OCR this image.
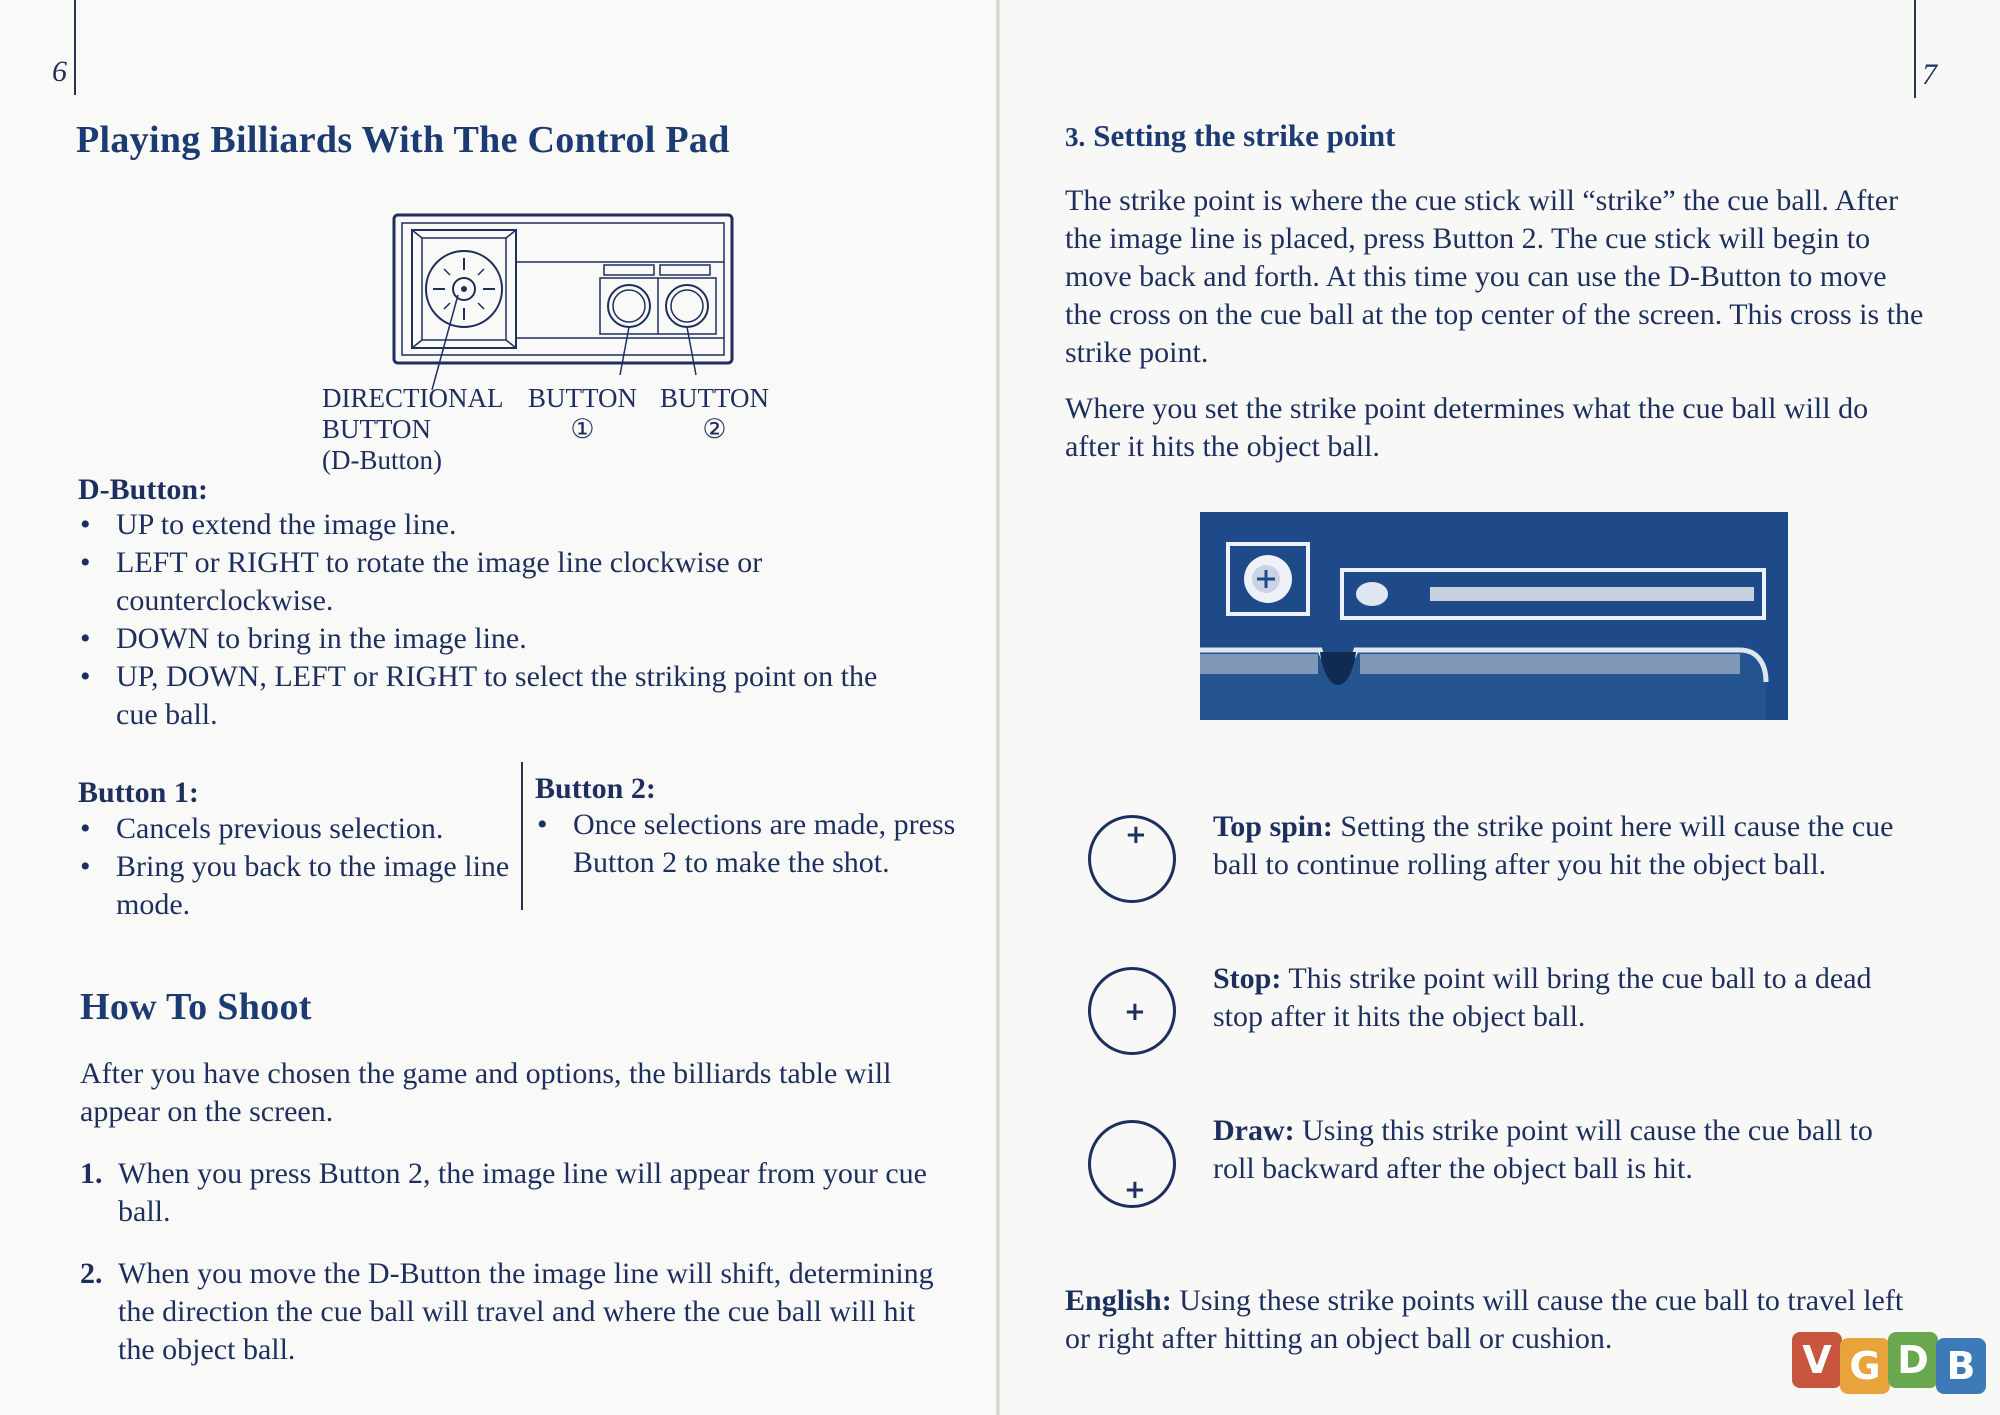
6	7
Playing Billiards With The Control Pad
DIRECTIONAL
BUTTON
(D-Button)
BUTTON
①
BUTTON
②
D-Button:
• UP to extend the image line.
• LEFT or RIGHT to rotate the image line clockwise or counterclockwise.
• DOWN to bring in the image line.
• UP, DOWN, LEFT or RIGHT to select the striking point on the cue ball.
Button 1:
• Cancels previous selection.
• Bring you back to the image line mode.
Button 2:
• Once selections are made, press Button 2 to make the shot.
How To Shoot
After you have chosen the game and options, the billiards table will appear on the screen.
1. When you press Button 2, the image line will appear from your cue ball.
2. When you move the D-Button the image line will shift, determining the direction the cue ball will travel and where the cue ball will hit the object ball.
3. Setting the strike point
The strike point is where the cue stick will “strike” the cue ball. After the image line is placed, press Button 2. The cue stick will begin to move back and forth. At this time you can use the D-Button to move the cross on the cue ball at the top center of the screen. This cross is the strike point.
Where you set the strike point determines what the cue ball will do after it hits the object ball.
+ Top spin: Setting the strike point here will cause the cue ball to continue rolling after you hit the object ball.
+
Stop: This strike point will bring the cue ball to a dead stop after it hits the object ball.
+
Draw: Using this strike point will cause the cue ball to roll backward after the object ball is hit.
English: Using these strike points will cause the cue ball to travel left or right after hitting an object ball or cushion.	V G D B
